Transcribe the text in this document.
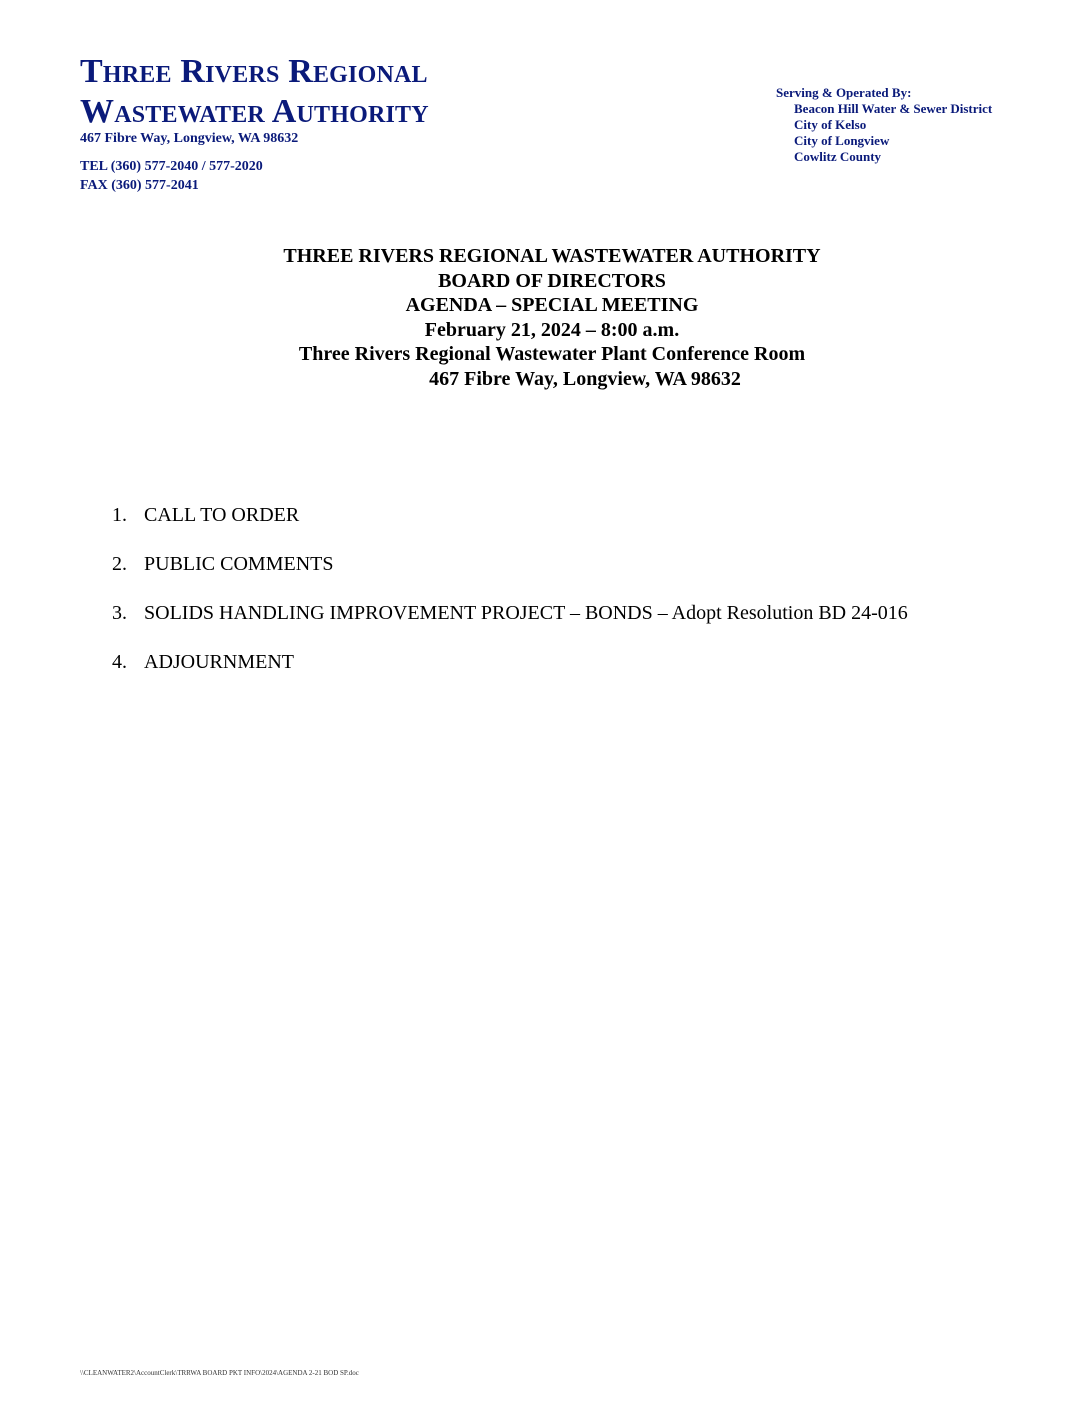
Three Rivers Regional
Wastewater Authority
467 Fibre Way, Longview, WA 98632
TEL (360) 577-2040 / 577-2020
FAX (360) 577-2041
Serving & Operated By:
Beacon Hill Water & Sewer District
City of Kelso
City of Longview
Cowlitz County
THREE RIVERS REGIONAL WASTEWATER AUTHORITY
BOARD OF DIRECTORS
AGENDA – SPECIAL MEETING
February 21, 2024 – 8:00 a.m.
Three Rivers Regional Wastewater Plant Conference Room
467 Fibre Way, Longview, WA 98632
1. CALL TO ORDER
2. PUBLIC COMMENTS
3. SOLIDS HANDLING IMPROVEMENT PROJECT – BONDS – Adopt Resolution BD 24-016
4. ADJOURNMENT
\\CLEANWATER2\AccountClerk\TRRWA BOARD PKT INFO\2024\AGENDA 2-21 BOD SP.doc
